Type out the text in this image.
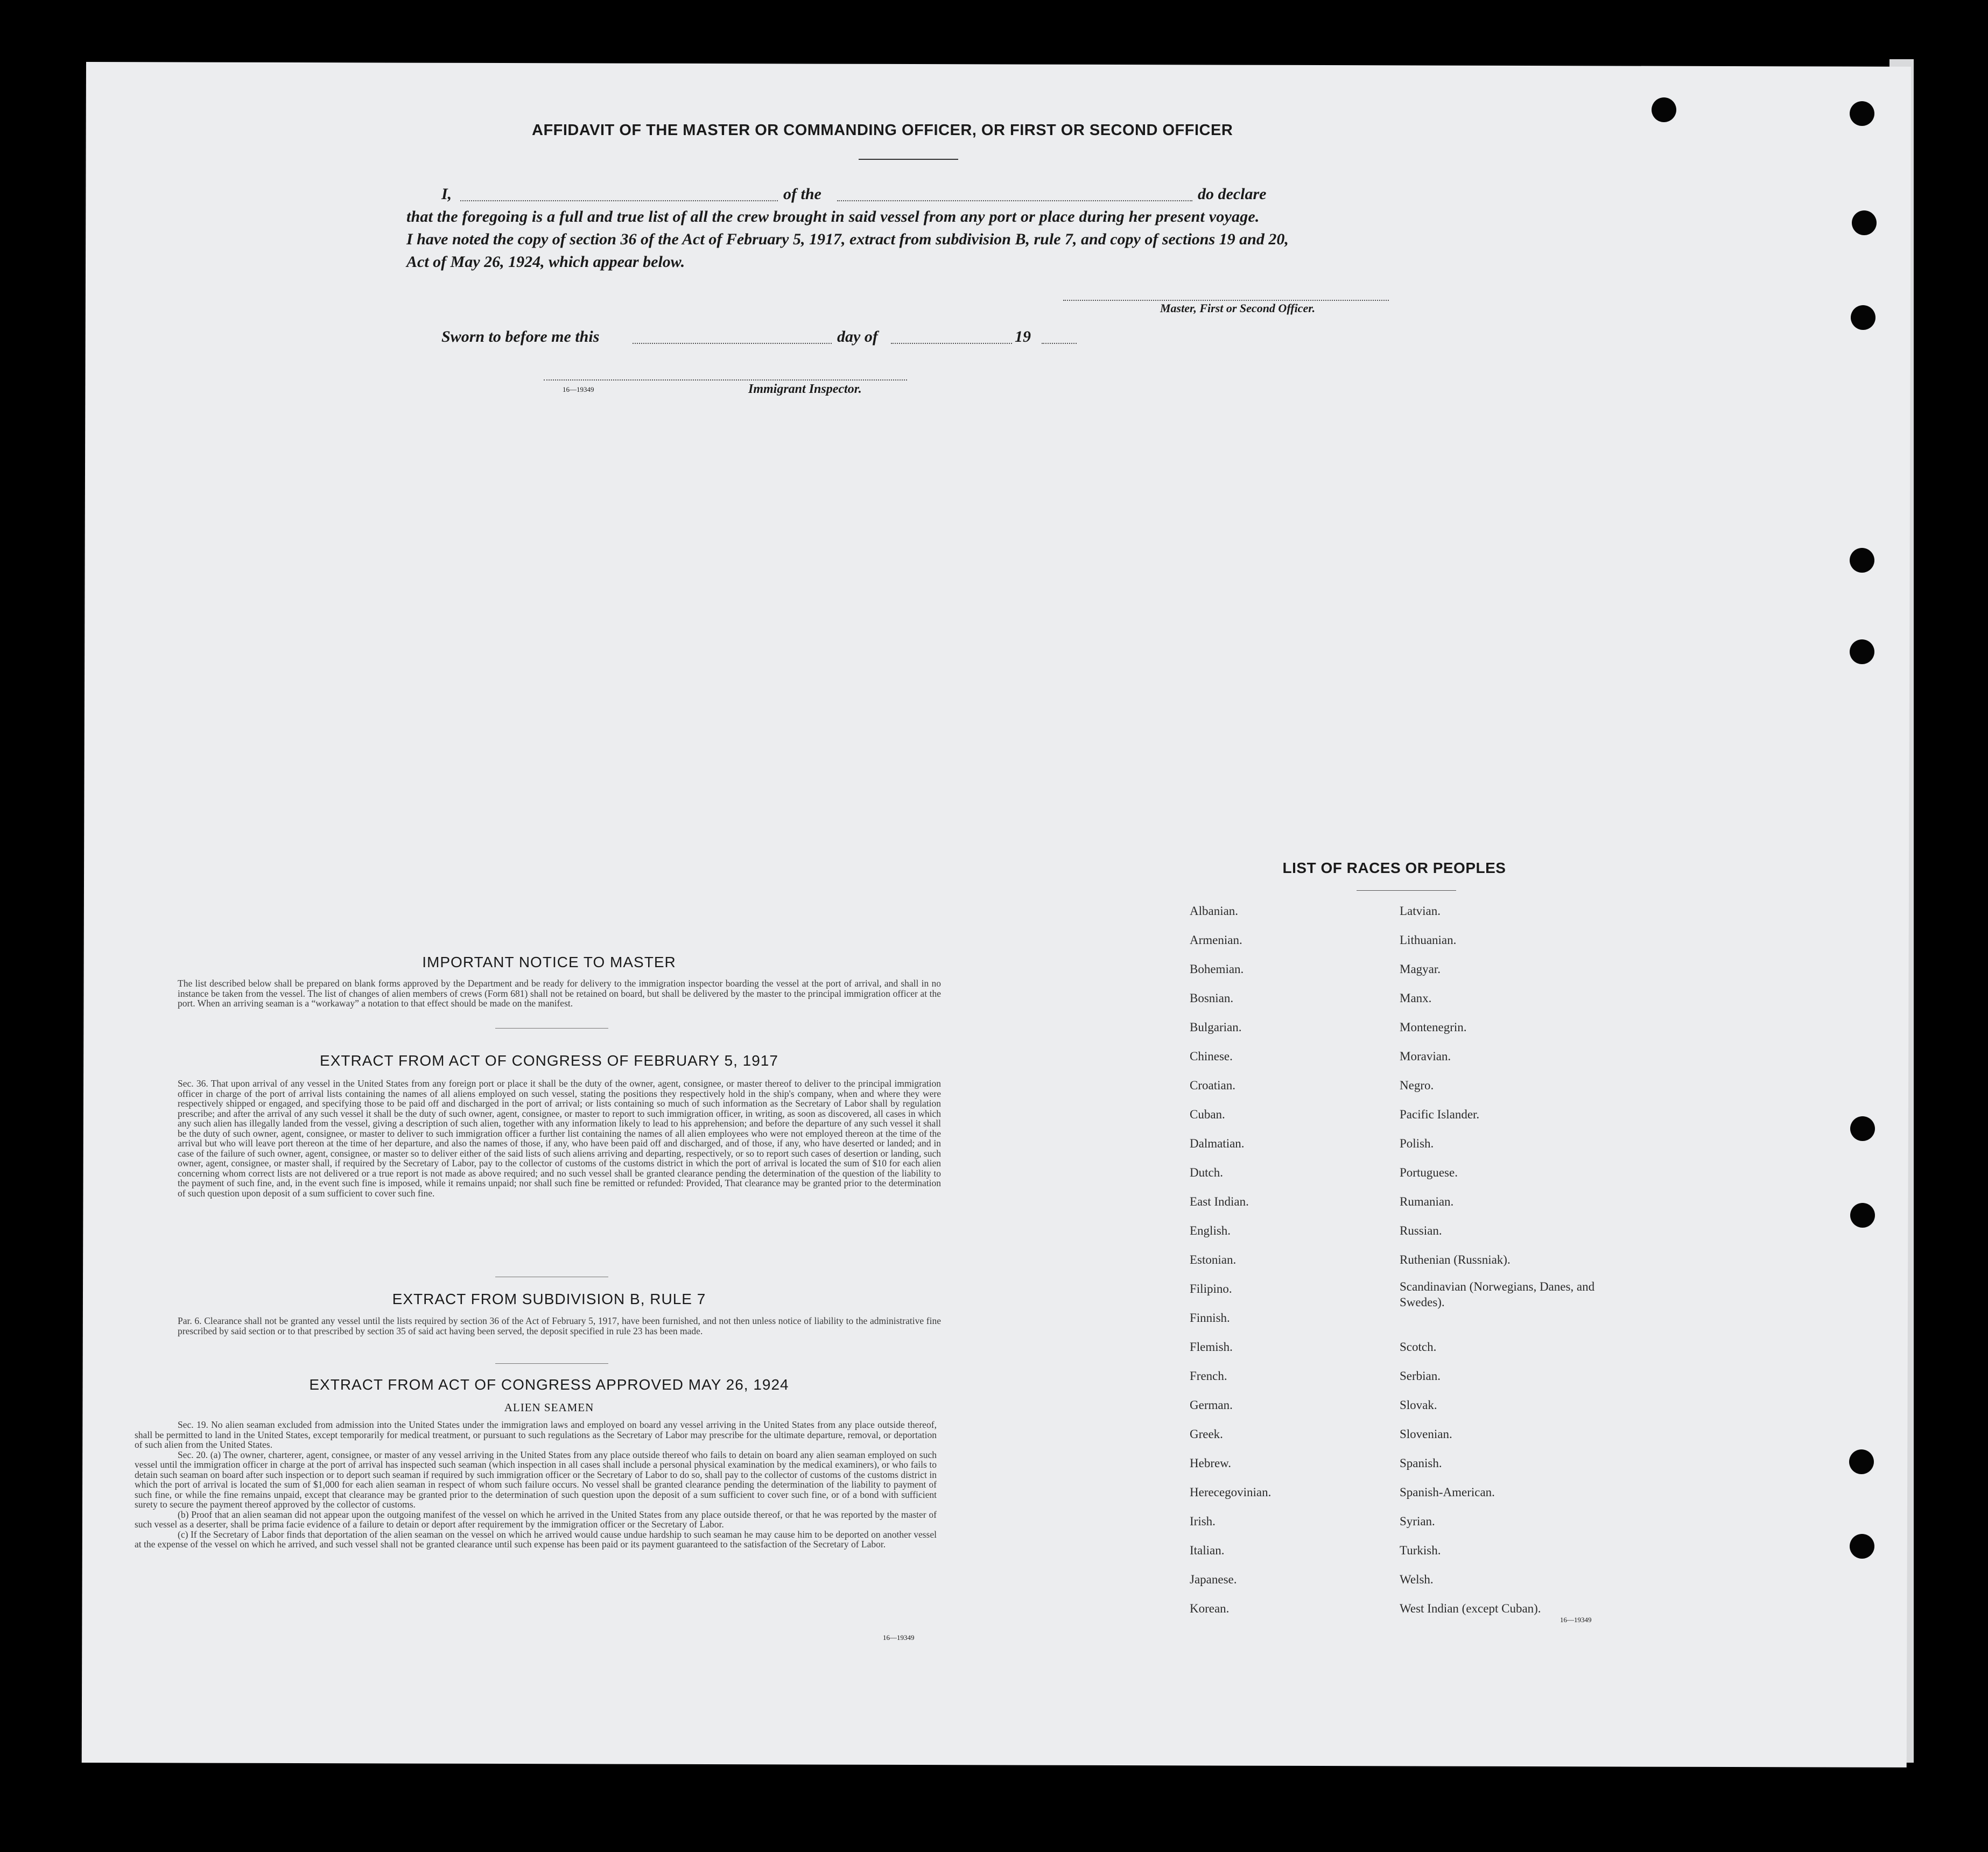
AFFIDAVIT OF THE MASTER OR COMMANDING OFFICER, OR FIRST OR SECOND OFFICER
I,	of the	do declare
that the foregoing is a full and true list of all the crew brought in said vessel from any port or place during her present voyage.
I have noted the copy of section 36 of the Act of February 5, 1917, extract from subdivision B, rule 7, and copy of sections 19 and 20,
Act of May 26, 1924, which appear below.
Master, First or Second Officer.
Sworn to before me this	day of	19
16—19349	Immigrant Inspector.
IMPORTANT NOTICE TO MASTER
The list described below shall be prepared on blank forms approved by the Department and be ready for delivery to the immigration inspector boarding the vessel at the port of arrival, and shall in no instance be taken from the vessel. The list of changes of alien members of crews (Form 681) shall not be retained on board, but shall be delivered by the master to the principal immigration officer at the port. When an arriving seaman is a “workaway” a notation to that effect should be made on the manifest.
EXTRACT FROM ACT OF CONGRESS OF FEBRUARY 5, 1917
Sec. 36. That upon arrival of any vessel in the United States from any foreign port or place it shall be the duty of the owner, agent, consignee, or master thereof to deliver to the principal immigration officer in charge of the port of arrival lists containing the names of all aliens employed on such vessel, stating the positions they respectively hold in the ship's company, when and where they were respectively shipped or engaged, and specifying those to be paid off and discharged in the port of arrival; or lists containing so much of such information as the Secretary of Labor shall by regulation prescribe; and after the arrival of any such vessel it shall be the duty of such owner, agent, consignee, or master to report to such immigration officer, in writing, as soon as discovered, all cases in which any such alien has illegally landed from the vessel, giving a description of such alien, together with any information likely to lead to his apprehension; and before the departure of any such vessel it shall be the duty of such owner, agent, consignee, or master to deliver to such immigration officer a further list containing the names of all alien employees who were not employed thereon at the time of the arrival but who will leave port thereon at the time of her departure, and also the names of those, if any, who have been paid off and discharged, and of those, if any, who have deserted or landed; and in case of the failure of such owner, agent, consignee, or master so to deliver either of the said lists of such aliens arriving and departing, respectively, or so to report such cases of desertion or landing, such owner, agent, consignee, or master shall, if required by the Secretary of Labor, pay to the collector of customs of the customs district in which the port of arrival is located the sum of $10 for each alien concerning whom correct lists are not delivered or a true report is not made as above required; and no such vessel shall be granted clearance pending the determination of the question of the liability to the payment of such fine, and, in the event such fine is imposed, while it remains unpaid; nor shall such fine be remitted or refunded: Provided, That clearance may be granted prior to the determination of such question upon deposit of a sum sufficient to cover such fine.
EXTRACT FROM SUBDIVISION B, RULE 7
Par. 6. Clearance shall not be granted any vessel until the lists required by section 36 of the Act of February 5, 1917, have been furnished, and not then unless notice of liability to the administrative fine prescribed by said section or to that prescribed by section 35 of said act having been served, the deposit specified in rule 23 has been made.
EXTRACT FROM ACT OF CONGRESS APPROVED MAY 26, 1924
ALIEN SEAMEN
Sec. 19. No alien seaman excluded from admission into the United States under the immigration laws and employed on board any vessel arriving in the United States from any place outside thereof, shall be permitted to land in the United States, except temporarily for medical treatment, or pursuant to such regulations as the Secretary of Labor may prescribe for the ultimate departure, removal, or deportation of such alien from the United States.
Sec. 20. (a) The owner, charterer, agent, consignee, or master of any vessel arriving in the United States from any place outside thereof who fails to detain on board any alien seaman employed on such vessel until the immigration officer in charge at the port of arrival has inspected such seaman (which inspection in all cases shall include a personal physical examination by the medical examiners), or who fails to detain such seaman on board after such inspection or to deport such seaman if required by such immigration officer or the Secretary of Labor to do so, shall pay to the collector of customs of the customs district in which the port of arrival is located the sum of $1,000 for each alien seaman in respect of whom such failure occurs. No vessel shall be granted clearance pending the determination of the liability to payment of such fine, or while the fine remains unpaid, except that clearance may be granted prior to the determination of such question upon the deposit of a sum sufficient to cover such fine, or of a bond with sufficient surety to secure the payment thereof approved by the collector of customs.
(b) Proof that an alien seaman did not appear upon the outgoing manifest of the vessel on which he arrived in the United States from any place outside thereof, or that he was reported by the master of such vessel as a deserter, shall be prima facie evidence of a failure to detain or deport after requirement by the immigration officer or the Secretary of Labor.
(c) If the Secretary of Labor finds that deportation of the alien seaman on the vessel on which he arrived would cause undue hardship to such seaman he may cause him to be deported on another vessel at the expense of the vessel on which he arrived, and such vessel shall not be granted clearance until such expense has been paid or its payment guaranteed to the satisfaction of the Secretary of Labor.
16—19349
LIST OF RACES OR PEOPLES
Albanian.
Armenian.
Bohemian.
Bosnian.
Bulgarian.
Chinese.
Croatian.
Cuban.
Dalmatian.
Dutch.
East Indian.
English.
Estonian.
Filipino.
Finnish.
Flemish.
French.
German.
Greek.
Hebrew.
Herecegovinian.
Irish.
Italian.
Japanese.
Korean.
Latvian.
Lithuanian.
Magyar.
Manx.
Montenegrin.
Moravian.
Negro.
Pacific Islander.
Polish.
Portuguese.
Rumanian.
Russian.
Ruthenian (Russniak).
Scandinavian (Norwegians, Danes, and Swedes).
Scotch.
Serbian.
Slovak.
Slovenian.
Spanish.
Spanish-American.
Syrian.
Turkish.
Welsh.
West Indian (except Cuban).
16—19349
